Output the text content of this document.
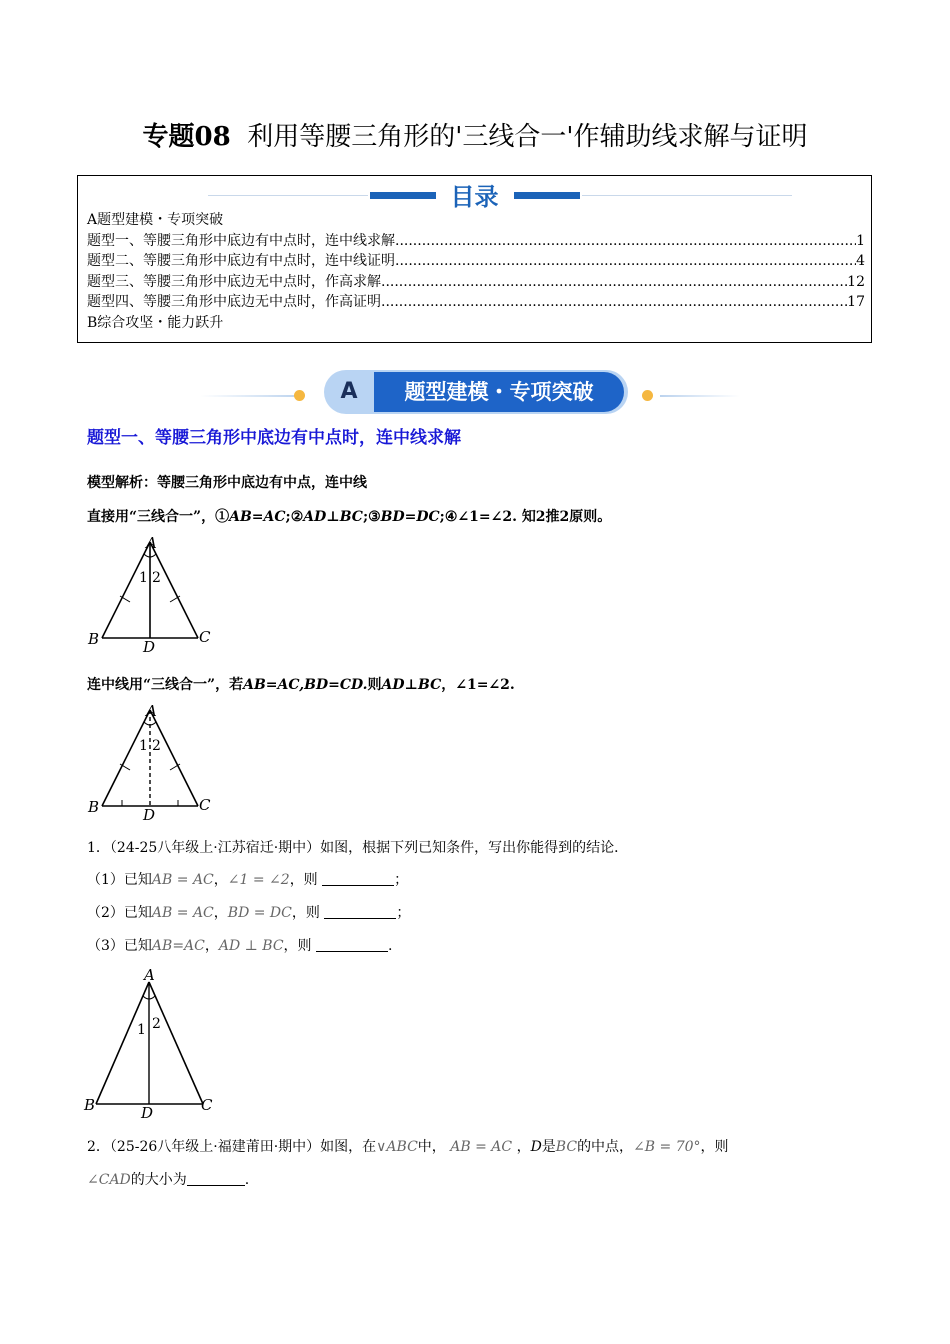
专题08 利用等腰三角形的'三线合一'作辅助线求解与证明
目录
A题型建模・专项突破
题型一、等腰三角形中底边有中点时，连中线求解 .....	1
题型二、等腰三角形中底边有中点时，连中线证明 .....	4
题型三、等腰三角形中底边无中点时，作高求解 .....	12
题型四、等腰三角形中底边无中点时，作高证明 .....	17
B综合攻坚・能力跃升
A	题型建模・专项突破
题型一、等腰三角形中底边有中点时，连中线求解
模型解析：等腰三角形中底边有中点，连中线
直接用“三线合一”，①AB=AC;②AD⊥BC;③BD=DC;④∠1=∠2. 知2推2原则。
A
B	C
D
1 2
连中线用“三线合一”，若AB=AC,BD=CD.则AD⊥BC，∠1=∠2.
A
B	C
D
1 2
1．（24-25八年级上·江苏宿迁·期中）如图，根据下列已知条件，写出你能得到的结论．
（1）已知AB = AC，∠1 = ∠2，则	；
（2）已知AB = AC，BD = DC，则	；
（3）已知AB=AC，AD ⊥ BC，则	.
A
B	C
D
1 2
2．（25-26八年级上·福建莆田·期中）如图，在∨ABC中， AB = AC ，D是BC的中点，∠B = 70°，则
∠CAD的大小为	.
